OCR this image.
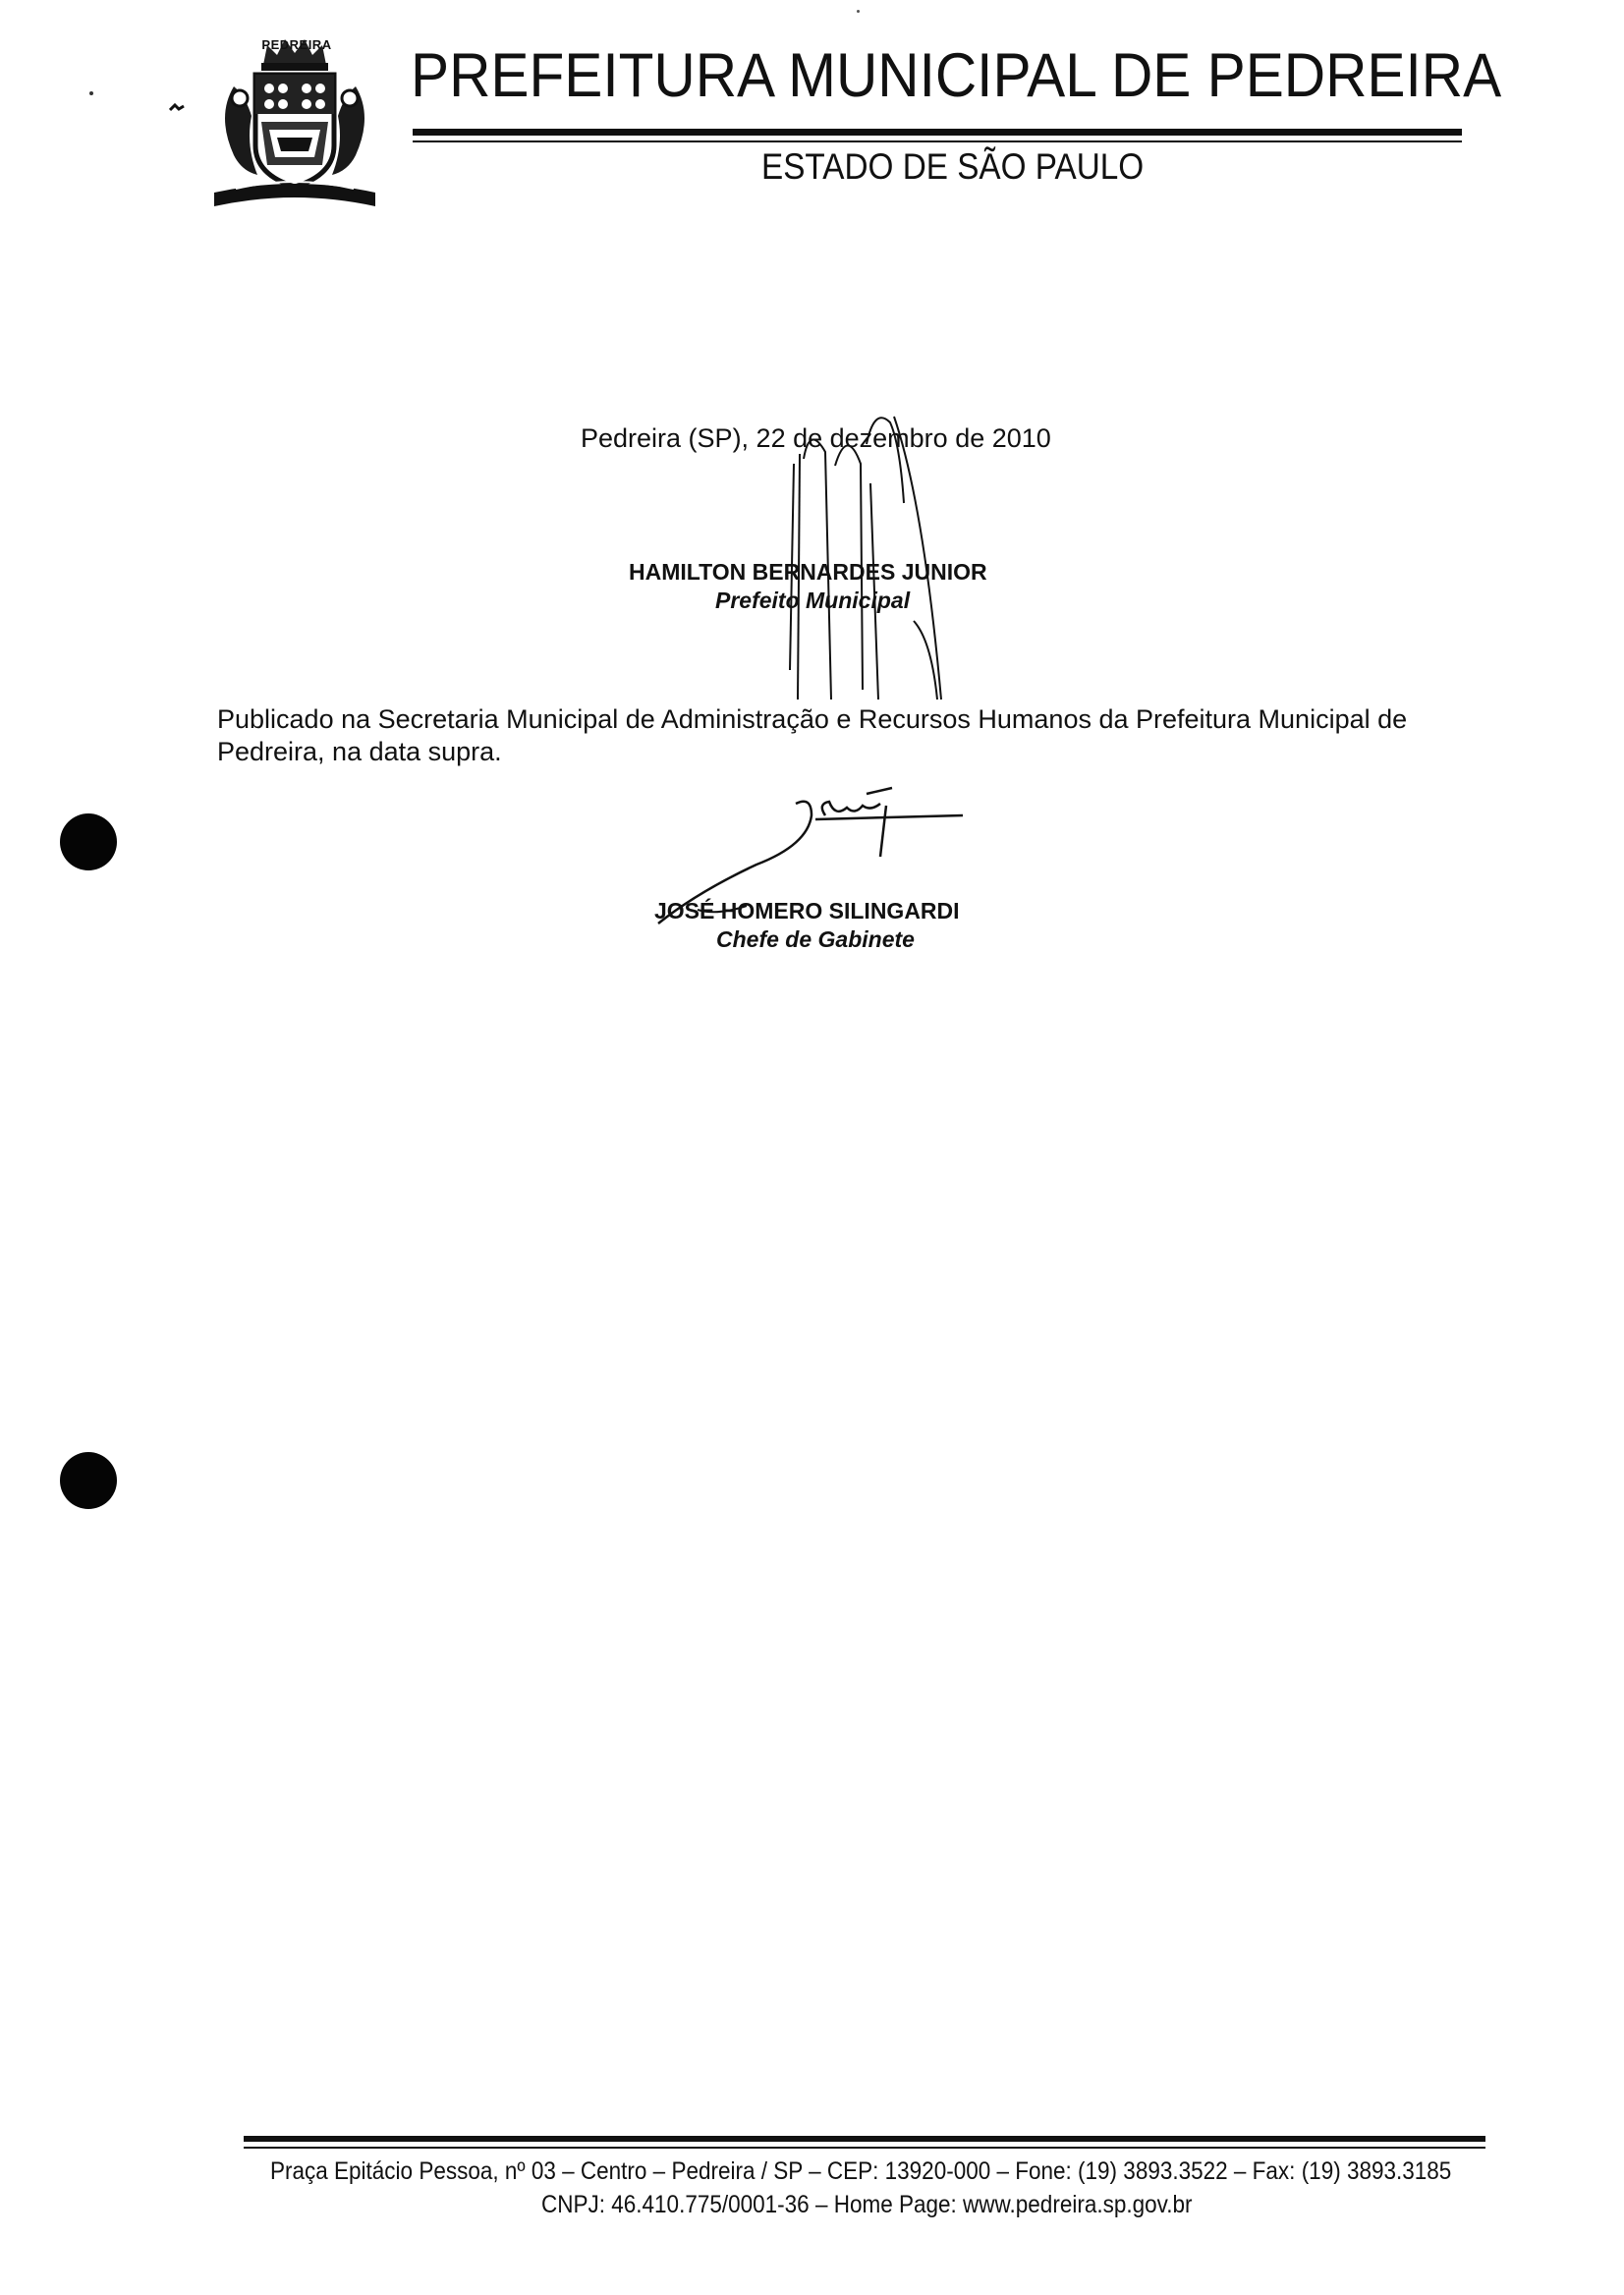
PEDREIRA PREFEITURA MUNICIPAL DE PEDREIRA
ESTADO DE SÃO PAULO
Pedreira (SP), 22 de dezembro de 2010
HAMILTON BERNARDES JUNIOR
Prefeito Municipal
Publicado na Secretaria Municipal de Administração e Recursos Humanos da Prefeitura Municipal de Pedreira, na data supra.
JOSÉ HOMERO SILINGARDI
Chefe de Gabinete
Praça Epitácio Pessoa, nº 03 – Centro – Pedreira / SP – CEP: 13920-000 – Fone: (19) 3893.3522 – Fax: (19) 3893.3185
CNPJ: 46.410.775/0001-36 – Home Page: www.pedreira.sp.gov.br
